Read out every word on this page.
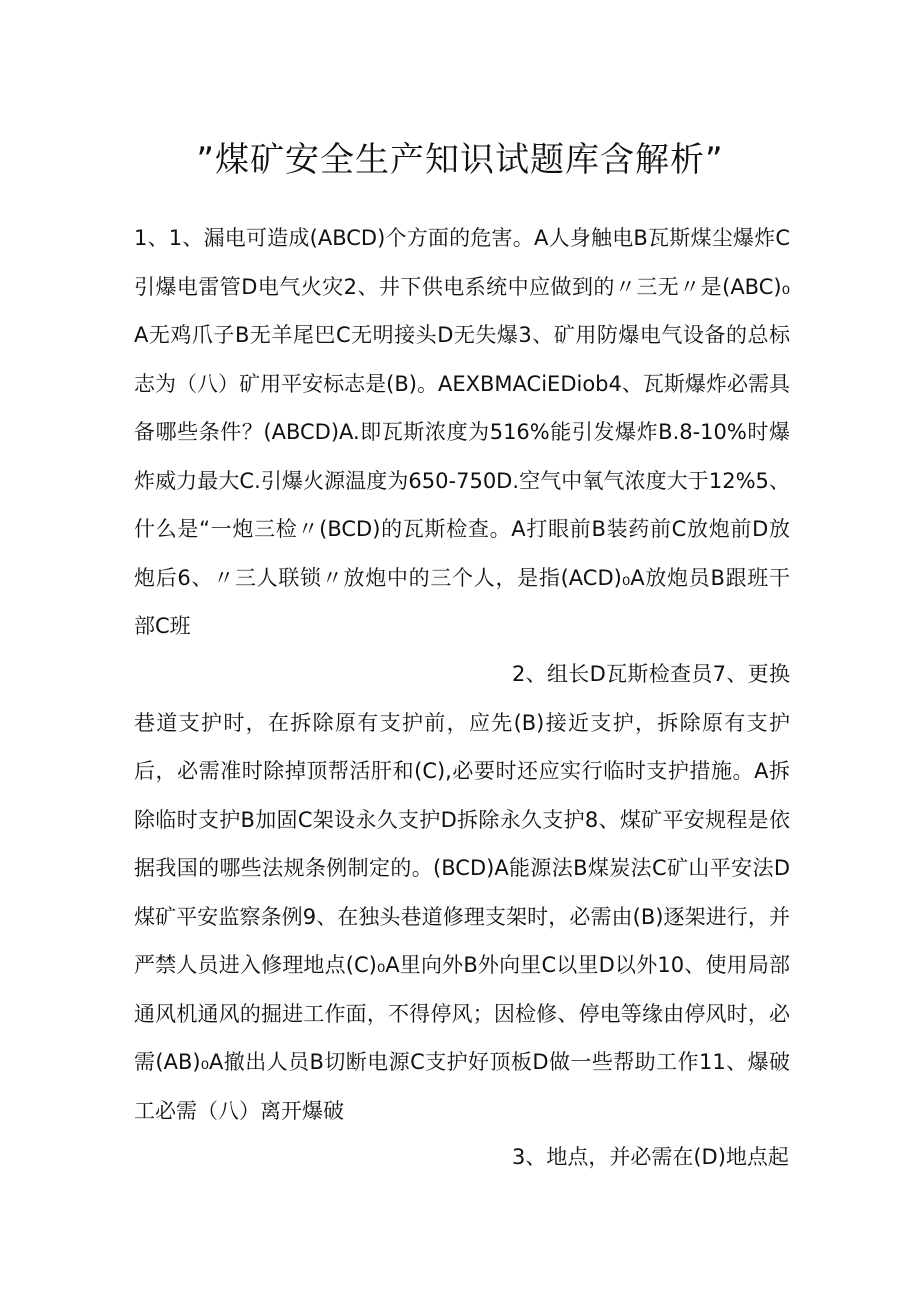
”煤矿安全生产知识试题库含解析”

1、1、漏电可造成(ABCD)个方面的危害。A人身触电B瓦斯煤尘爆炸C引爆电雷管D电气火灾2、井下供电系统中应做到的〃三无〃是(ABC)₀A无鸡爪子B无羊尾巴C无明接头D无失爆3、矿用防爆电气设备的总标志为（八）矿用平安标志是(B)。AEXBMACiEDiob4、瓦斯爆炸必需具备哪些条件？(ABCD)A.即瓦斯浓度为516%能引发爆炸B.8-10%时爆炸威力最大C.引爆火源温度为650-750D.空气中氧气浓度大于12%5、什么是“一炮三检〃(BCD)的瓦斯检查。A打眼前B装药前C放炮前D放炮后6、〃三人联锁〃放炮中的三个人，是指(ACD)₀A放炮员B跟班干部C班

2、组长D瓦斯检查员7、更换巷道支护时，在拆除原有支护前，应先(B)接近支护，拆除原有支护后，必需准时除掉顶帮活肝和(C),必要时还应实行临时支护措施。A拆除临时支护B加固C架设永久支护D拆除永久支护8、煤矿平安规程是依据我国的哪些法规条例制定的。(BCD)A能源法B煤炭法C矿山平安法D煤矿平安监察条例9、在独头巷道修理支架时，必需由(B)逐架进行，并严禁人员进入修理地点(C)₀A里向外B外向里C以里D以外10、使用局部通风机通风的掘进工作面，不得停风；因检修、停电等缘由停风时，必需(AB)₀A撤出人员B切断电源C支护好顶板D做一些帮助工作11、爆破工必需（八）离开爆破

3、地点，并必需在(D)地点起
